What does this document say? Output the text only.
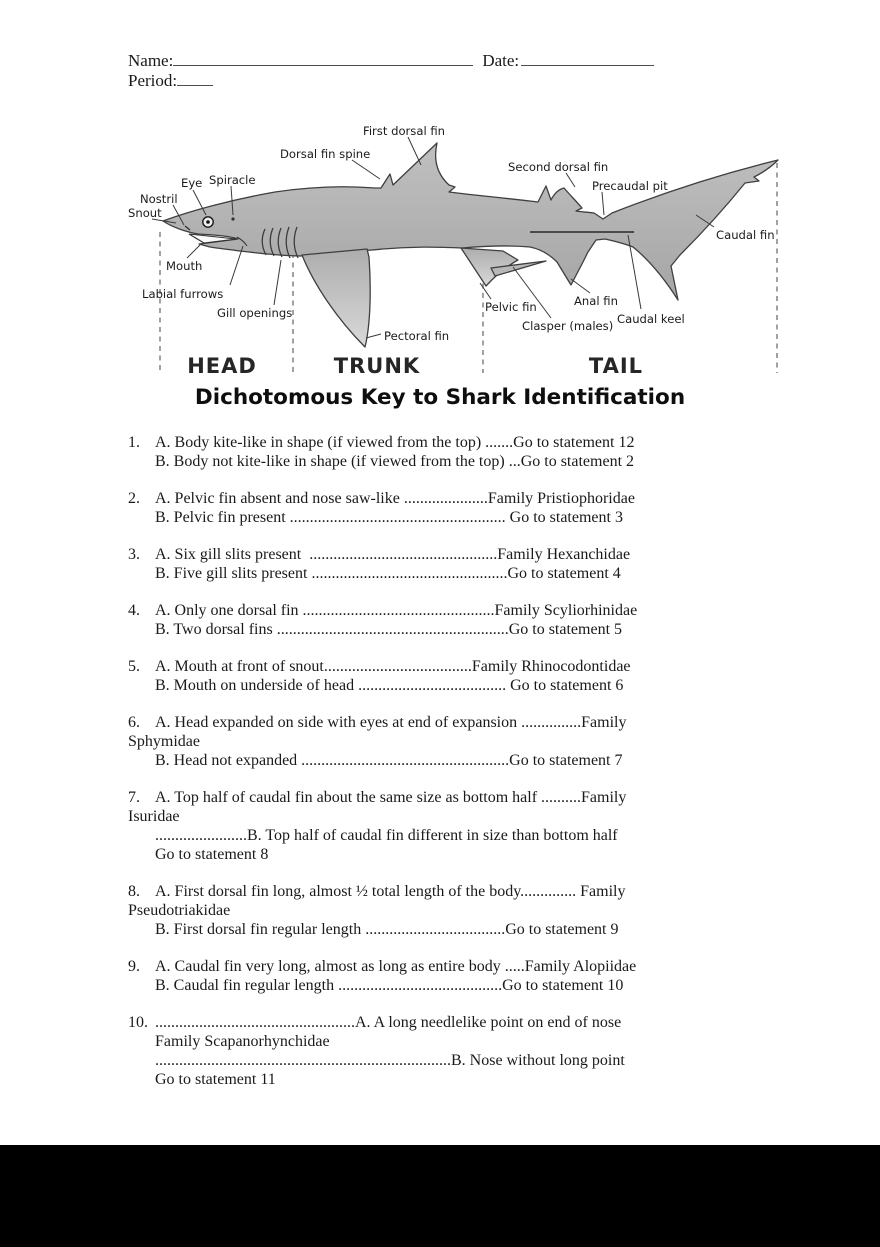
Name:	Date:
Period:
First dorsal fin
Dorsal fin spine
Second dorsal fin
Precaudal pit
Caudal fin
Eye Spiracle
Nostril
Snout
Mouth
Labial furrows
Gill openings
Pectoral fin
Pelvic fin
Clasper (males)
Anal fin
Caudal keel
HEAD	TRUNK	TAIL
Dichotomous Key to Shark Identification
1. A. Body kite-like in shape (if viewed from the top) .......Go to statement 12
B. Body not kite-like in shape (if viewed from the top) ...Go to statement 2
2. A. Pelvic fin absent and nose saw-like .....................Family Pristiophoridae
B. Pelvic fin present ...................................................... Go to statement 3
3. A. Six gill slits present  ...............................................Family Hexanchidae
B. Five gill slits present .................................................Go to statement 4
4. A. Only one dorsal fin ................................................Family Scyliorhinidae
B. Two dorsal fins ..........................................................Go to statement 5
5. A. Mouth at front of snout.....................................Family Rhinocodontidae
B. Mouth on underside of head ..................................... Go to statement 6
6. A. Head expanded on side with eyes at end of expansion ...............Family
Sphymidae
B. Head not expanded ....................................................Go to statement 7
7. A. Top half of caudal fin about the same size as bottom half ..........Family
Isuridae
.......................B. Top half of caudal fin different in size than bottom half
Go to statement 8
8. A. First dorsal fin long, almost ½ total length of the body.............. Family
Pseudotriakidae
B. First dorsal fin regular length ...................................Go to statement 9
9. A. Caudal fin very long, almost as long as entire body .....Family Alopiidae
B. Caudal fin regular length .........................................Go to statement 10
10. ..................................................A. A long needlelike point on end of nose
Family Scapanorhynchidae
..........................................................................B. Nose without long point
Go to statement 11
